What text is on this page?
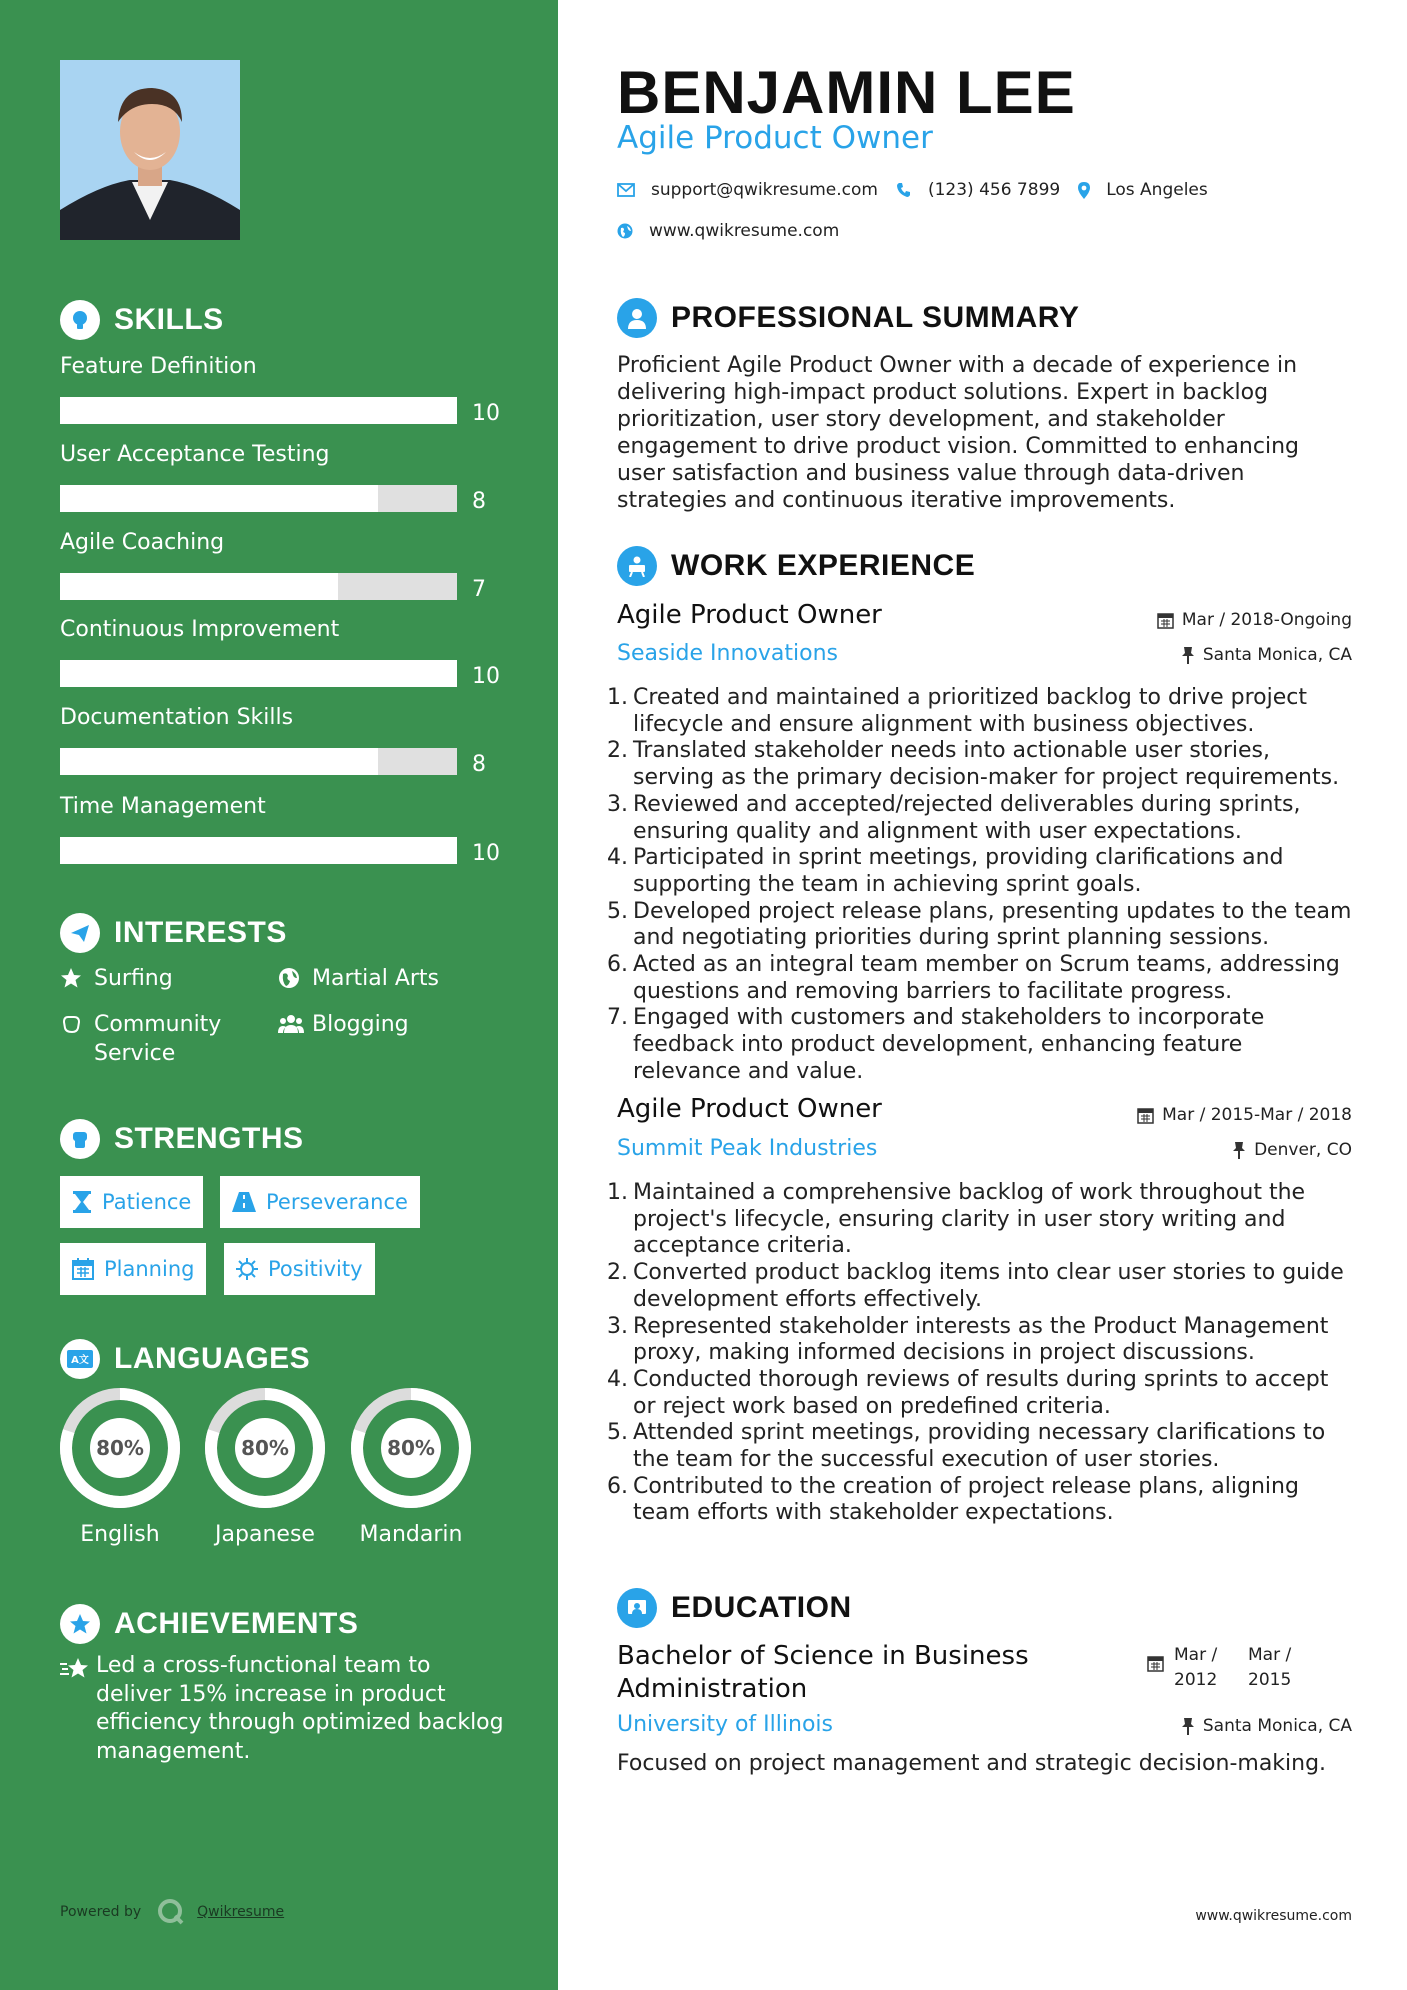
SKILLS
Feature Definition
10
User Acceptance Testing
8
Agile Coaching
7
Continuous Improvement
10
Documentation Skills
8
Time Management
10
INTERESTS
Surfing	Martial Arts
Community Service
Blogging
STRENGTHS
Patience	Perseverance
Planning	Positivity
A文 LANGUAGES
80%
English
80%
Japanese
80%
Mandarin
ACHIEVEMENTS

Led a cross-functional team to deliver 15% increase in product efficiency through optimized backlog management.

Powered by	Qwikresume
BENJAMIN LEE
Agile Product Owner
support@qwikresume.com	(123) 456 7899	Los Angeles
www.qwikresume.com
PROFESSIONAL SUMMARY

Proficient Agile Product Owner with a decade of experience in delivering high-impact product solutions. Expert in backlog prioritization, user story development, and stakeholder engagement to drive product vision. Committed to enhancing user satisfaction and business value through data-driven strategies and continuous iterative improvements.

WORK EXPERIENCE
Agile Product Owner	Mar / 2018-Ongoing
Seaside Innovations	Santa Monica, CA
1. Created and maintained a prioritized backlog to drive project lifecycle and ensure alignment with business objectives.
2. Translated stakeholder needs into actionable user stories, serving as the primary decision-maker for project requirements.
3. Reviewed and accepted/rejected deliverables during sprints, ensuring quality and alignment with user expectations.
4. Participated in sprint meetings, providing clarifications and supporting the team in achieving sprint goals.
5. Developed project release plans, presenting updates to the team and negotiating priorities during sprint planning sessions.
6. Acted as an integral team member on Scrum teams, addressing questions and removing barriers to facilitate progress.
7. Engaged with customers and stakeholders to incorporate feedback into product development, enhancing feature relevance and value.
Agile Product Owner	Mar / 2015-Mar / 2018
Summit Peak Industries	Denver, CO
1. Maintained a comprehensive backlog of work throughout the project's lifecycle, ensuring clarity in user story writing and acceptance criteria.
2. Converted product backlog items into clear user stories to guide development efforts effectively.
3. Represented stakeholder interests as the Product Management proxy, making informed decisions in project discussions.
4. Conducted thorough reviews of results during sprints to accept or reject work based on predefined criteria.
5. Attended sprint meetings, providing necessary clarifications to the team for the successful execution of user stories.
6. Contributed to the creation of project release plans, aligning team efforts with stakeholder expectations.
EDUCATION
Bachelor of Science in Business Administration
Mar / 2012
Mar / 2015
University of Illinois	Santa Monica, CA
Focused on project management and strategic decision-making.
www.qwikresume.com
